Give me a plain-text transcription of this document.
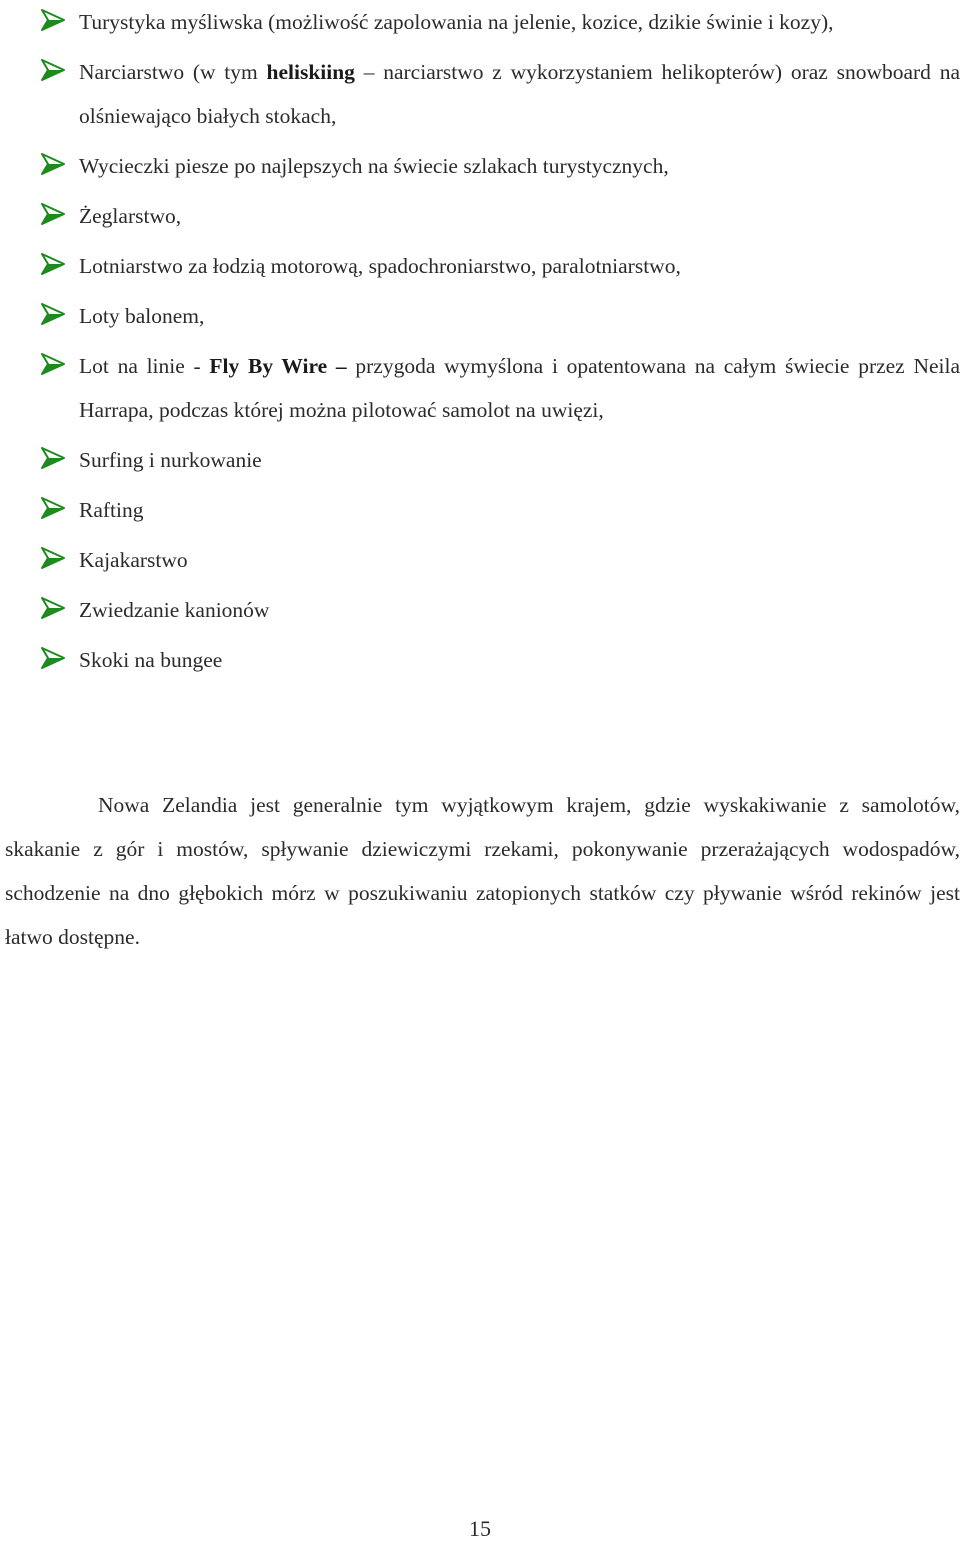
Turystyka myśliwska (możliwość zapolowania na jelenie, kozice, dzikie świnie i kozy),
Narciarstwo (w tym heliskiing – narciarstwo z wykorzystaniem helikopterów) oraz snowboard na olśniewająco białych stokach,
Wycieczki piesze po najlepszych na świecie szlakach turystycznych,
Żeglarstwo,
Lotniarstwo za łodzią motorową, spadochroniarstwo, paralotniarstwo,
Loty balonem,
Lot na linie - Fly By Wire – przygoda wymyślona i opatentowana na całym świecie przez Neila Harrapa, podczas której można pilotować samolot na uwięzi,
Surfing i nurkowanie
Rafting
Kajakarstwo
Zwiedzanie kanionów
Skoki na bungee

Nowa Zelandia jest generalnie tym wyjątkowym krajem, gdzie wyskakiwanie z samolotów, skakanie z gór i mostów, spływanie dziewiczymi rzekami, pokonywanie przerażających wodospadów, schodzenie na dno głębokich mórz w poszukiwaniu zatopionych statków czy pływanie wśród rekinów jest łatwo dostępne.

15
